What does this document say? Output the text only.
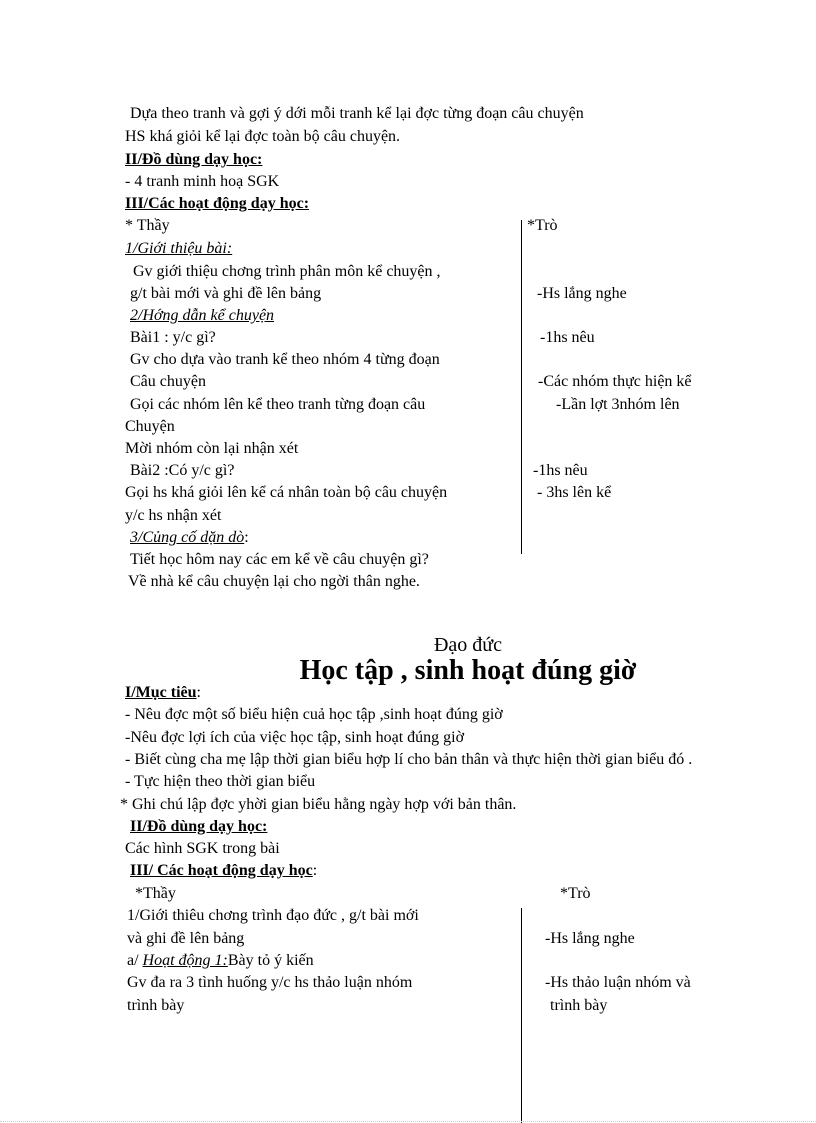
Dựa theo tranh và gợi ý dới mỗi tranh kể lại đợc từng đoạn câu chuyện
HS khá giỏi kể lại đợc toàn bộ câu chuyện.
II/Đồ dùng dạy học:
- 4 tranh minh hoạ SGK
III/Các hoạt động dạy học:
* Thầy	*Trò
1/Giới thiệu bài:
Gv giới thiệu chơng trình phân môn kể chuyện ,
g/t bài mới và ghi đề lên bảng	-Hs lắng nghe
2/Hớng dẫn kể chuyện
Bài1 : y/c gì?	-1hs nêu
Gv cho dựa vào tranh kể theo nhóm 4 từng đoạn
Câu chuyện	-Các nhóm thực hiện kể
Gọi các nhóm lên kể theo tranh từng đoạn câu	-Lần lợt 3nhóm lên
Chuyện
Mời nhóm còn lại nhận xét
Bài2 :Có y/c gì?	-1hs nêu
Gọi hs khá giỏi lên kể cá nhân toàn bộ câu chuyện	- 3hs lên kể
y/c hs nhận xét
3/Củng cố dặn dò:
Tiết học hôm nay các em kể về câu chuyện gì?
Về nhà kể câu chuyện lại cho ngời thân nghe.
Đạo đức
Học tập , sinh hoạt đúng giờ
I/Mục tiêu:
- Nêu đợc một số biểu hiện cuả học tập ,sinh hoạt đúng giờ
-Nêu đợc lợi ích của việc học tập, sinh hoạt đúng giờ
- Biết cùng cha mẹ lập thời gian biểu hợp lí cho bản thân và thực hiện thời gian biểu đó .
- Tực hiện theo thời gian biểu
* Ghi chú lập đợc yhời gian biểu hằng ngày hợp với bản thân.
II/Đồ dùng dạy học:
Các hình SGK trong bài
III/ Các hoạt động dạy học:
*Thầy	*Trò
1/Giới thiêu chơng trình đạo đức , g/t bài mới
và ghi đề lên bảng	-Hs lắng nghe
a/ Hoạt động 1:Bày tỏ ý kiến
Gv đa ra 3 tình huống y/c hs thảo luận nhóm	-Hs thảo luận nhóm và
trình bày	trình bày
